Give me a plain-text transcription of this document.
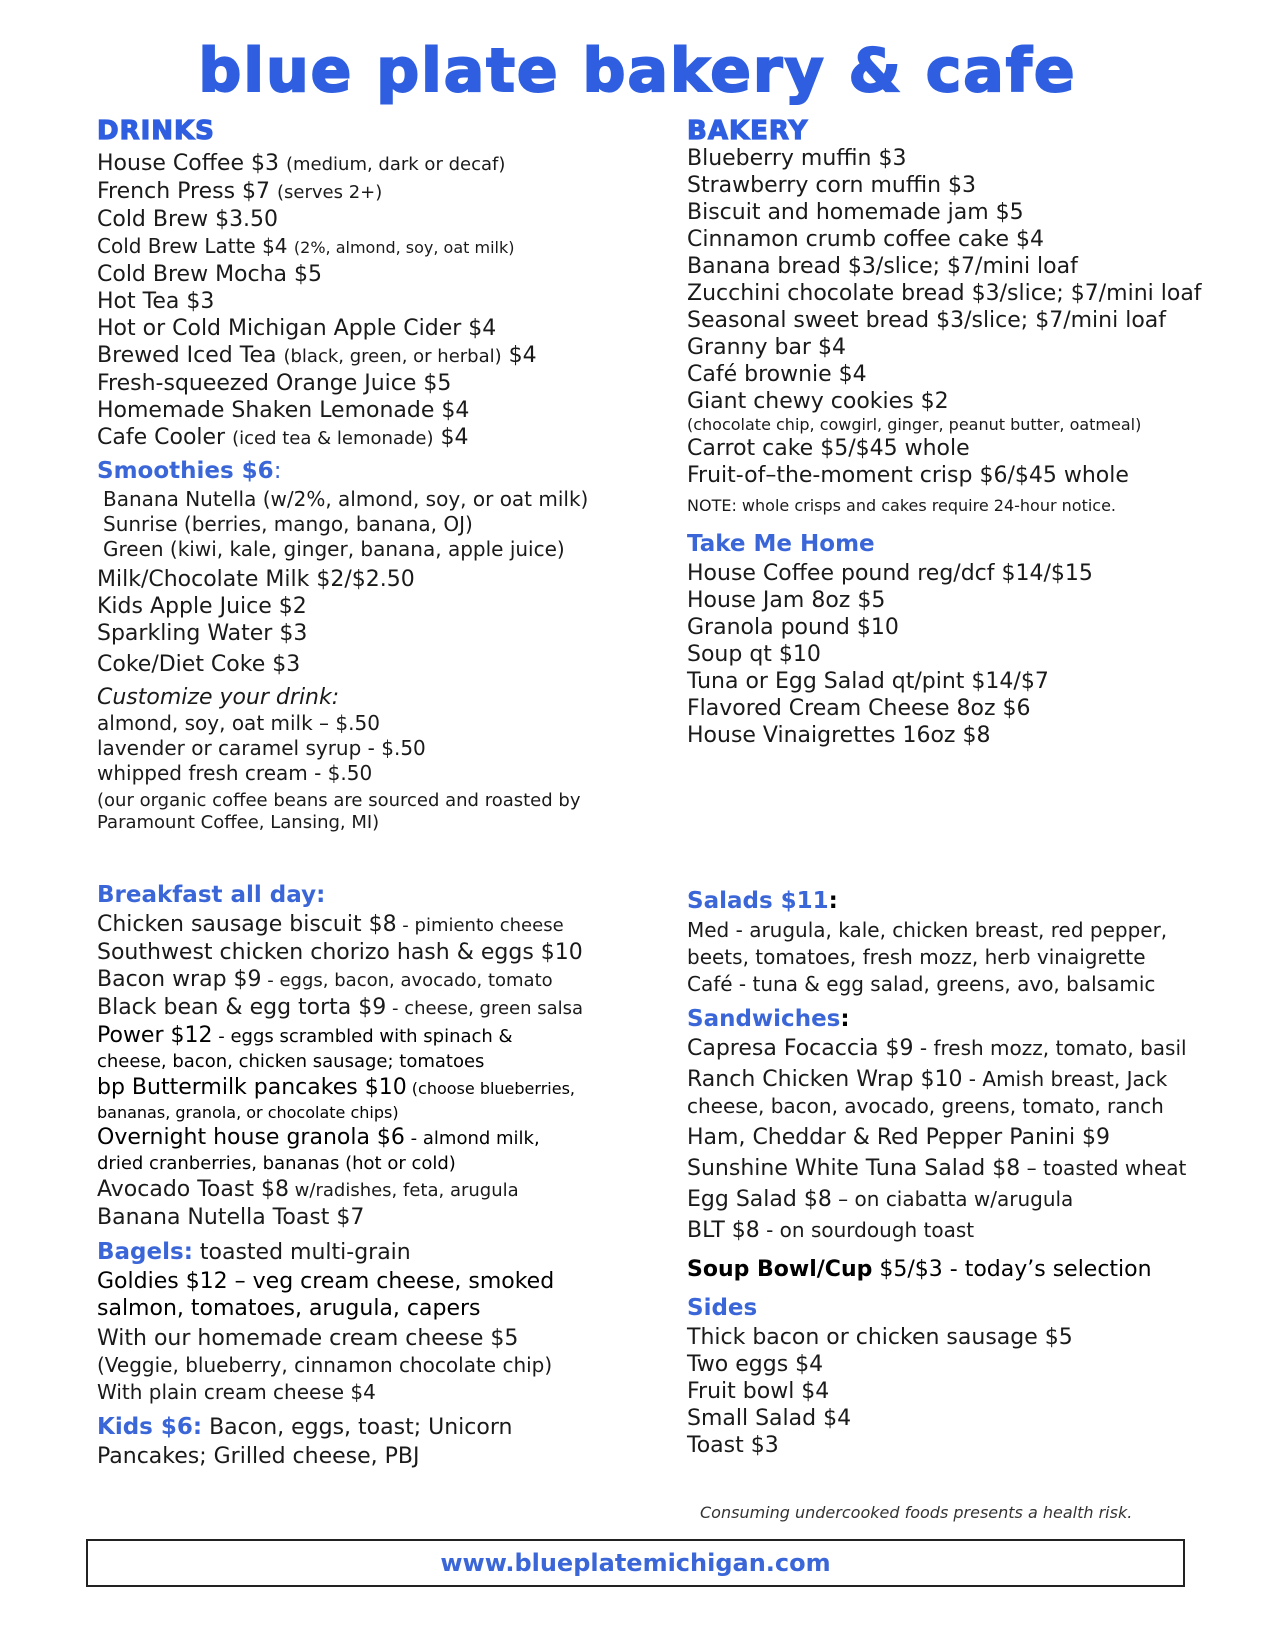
blue plate bakery & cafe
DRINKS
House Coffee $3 (medium, dark or decaf)
French Press $7 (serves 2+)
Cold Brew $3.50
Cold Brew Latte $4 (2%, almond, soy, oat milk)
Cold Brew Mocha $5
Hot Tea $3
Hot or Cold Michigan Apple Cider $4
Brewed Iced Tea (black, green, or herbal) $4
Fresh-squeezed Orange Juice $5
Homemade Shaken Lemonade $4
Cafe Cooler (iced tea & lemonade) $4
Smoothies $6:
Banana Nutella (w/2%, almond, soy, or oat milk)
Sunrise (berries, mango, banana, OJ)
Green (kiwi, kale, ginger, banana, apple juice)
Milk/Chocolate Milk $2/$2.50
Kids Apple Juice $2
Sparkling Water $3
Coke/Diet Coke $3
Customize your drink:
almond, soy, oat milk – $.50
lavender or caramel syrup - $.50
whipped fresh cream - $.50
(our organic coffee beans are sourced and roasted by
Paramount Coffee, Lansing, MI)
BAKERY
Blueberry muffin $3
Strawberry corn muffin $3
Biscuit and homemade jam $5
Cinnamon crumb coffee cake $4
Banana bread $3/slice; $7/mini loaf
Zucchini chocolate bread $3/slice; $7/mini loaf
Seasonal sweet bread $3/slice; $7/mini loaf
Granny bar $4
Café brownie $4
Giant chewy cookies $2
(chocolate chip, cowgirl, ginger, peanut butter, oatmeal)
Carrot cake $5/$45 whole
Fruit-of–the-moment crisp $6/$45 whole
NOTE: whole crisps and cakes require 24-hour notice.
Take Me Home
House Coffee pound reg/dcf $14/$15
House Jam 8oz $5
Granola pound $10
Soup qt $10
Tuna or Egg Salad qt/pint $14/$7
Flavored Cream Cheese 8oz $6
House Vinaigrettes 16oz $8
Breakfast all day:
Chicken sausage biscuit $8 - pimiento cheese
Southwest chicken chorizo hash & eggs $10
Bacon wrap $9 - eggs, bacon, avocado, tomato
Black bean & egg torta $9 - cheese, green salsa
Power $12 - eggs scrambled with spinach &
cheese, bacon, chicken sausage; tomatoes
bp Buttermilk pancakes $10 (choose blueberries,
bananas, granola, or chocolate chips)
Overnight house granola $6 - almond milk,
dried cranberries, bananas (hot or cold)
Avocado Toast $8 w/radishes, feta, arugula
Banana Nutella Toast $7
Bagels: toasted multi-grain
Goldies $12 – veg cream cheese, smoked
salmon, tomatoes, arugula, capers
With our homemade cream cheese $5
(Veggie, blueberry, cinnamon chocolate chip)
With plain cream cheese $4
Kids $6: Bacon, eggs, toast; Unicorn
Pancakes; Grilled cheese, PBJ
Salads $11:
Med - arugula, kale, chicken breast, red pepper,
beets, tomatoes, fresh mozz, herb vinaigrette
Café - tuna & egg salad, greens, avo, balsamic
Sandwiches:
Capresa Focaccia $9 - fresh mozz, tomato, basil
Ranch Chicken Wrap $10 - Amish breast, Jack
cheese, bacon, avocado, greens, tomato, ranch
Ham, Cheddar & Red Pepper Panini $9
Sunshine White Tuna Salad $8 – toasted wheat
Egg Salad $8 – on ciabatta w/arugula
BLT $8 - on sourdough toast
Soup Bowl/Cup $5/$3 - today’s selection
Sides
Thick bacon or chicken sausage $5
Two eggs $4
Fruit bowl $4
Small Salad $4
Toast $3
Consuming undercooked foods presents a health risk.
www.blueplatemichigan.com
